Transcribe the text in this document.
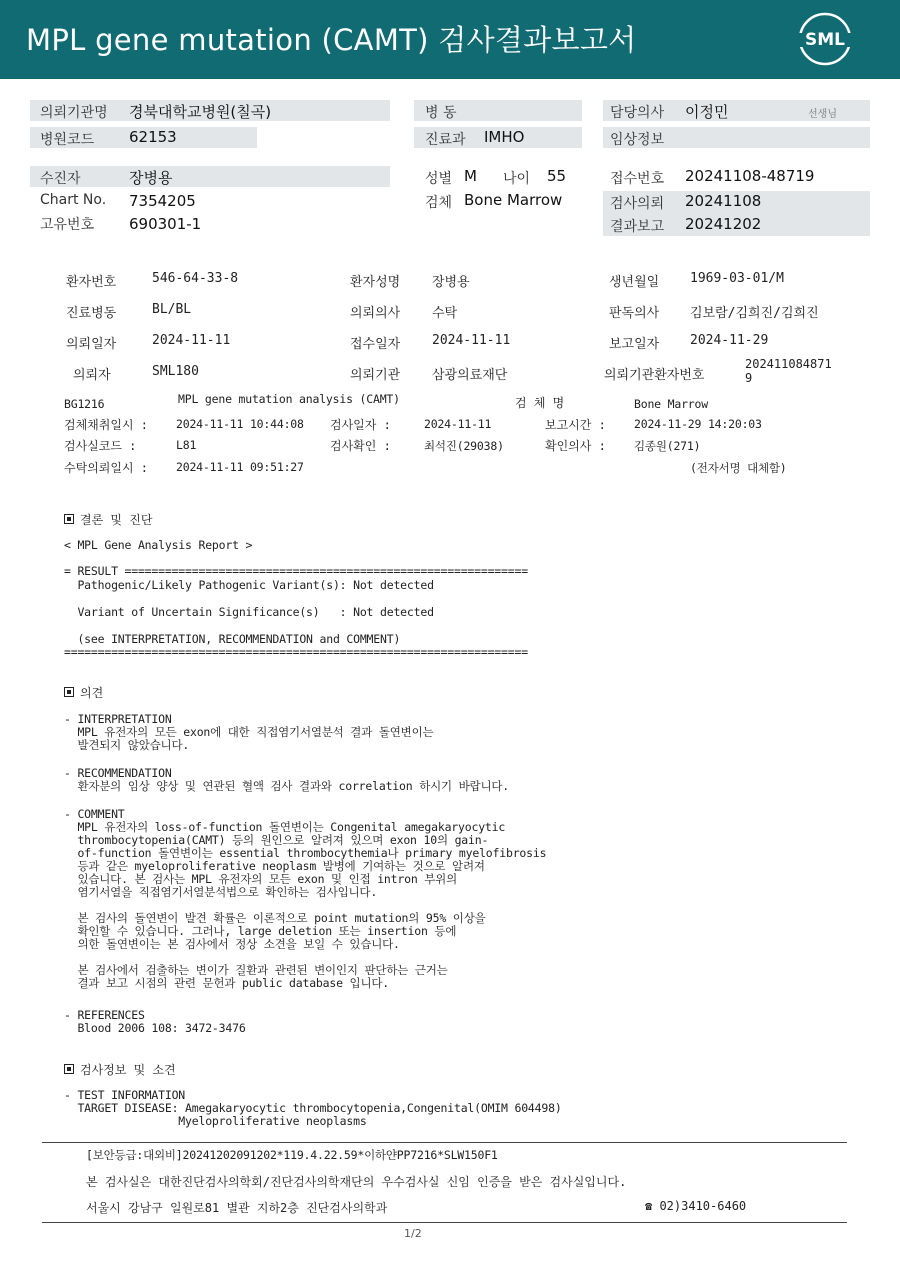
MPL gene mutation (CAMT) 검사결과보고서	SML
의뢰기관명 경북대학교병원(칠곡)
병원코드 62153
병 동
진료과 IMHO
담당의사 이정민	선생님
임상정보
수진자	장병용
Chart No. 7354205
고유번호 690301-1
성별 M 나이 55
검체 Bone Marrow
접수번호 20241108-48719
검사의뢰 20241108
결과보고 20241202
환자번호	546-64-33-8	환자성명 장병용	생년월일 1969-03-01/M
진료병동	BL/BL	의뢰의사 수탁	판독의사 김보람/김희진/김희진
의뢰일자	2024-11-11	접수일자 2024-11-11	보고일자 2024-11-29
의뢰자	SML180	의뢰기관 삼광의료재단	의뢰기관환자번호
202411084871
9
BG1216	MPL gene mutation analysis (CAMT)	검 체 명	Bone Marrow
검체채취일시 : 2024-11-11 10:44:08 검사일자 :	2024-11-11	보고시간 : 2024-11-29 14:20:03
검사실코드 :	L81	검사확인 :	최석진(29038)	확인의사 : 김종원(271)
수탁의뢰일시 : 2024-11-11 09:51:27	(전자서명 대체함)
결론 및 진단
< MPL Gene Analysis Report >
= RESULT ============================================================
Pathogenic/Likely Pathogenic Variant(s): Not detected

Variant of Uncertain Significance(s)   : Not detected

(see INTERPRETATION, RECOMMENDATION and COMMENT)
=====================================================================
의견
- INTERPRETATION
MPL 유전자의 모든 exon에 대한 직접염기서열분석 결과 돌연변이는
발견되지 않았습니다.
- RECOMMENDATION
환자분의 임상 양상 및 연관된 혈액 검사 결과와 correlation 하시기 바랍니다.
- COMMENT
MPL 유전자의 loss-of-function 돌연변이는 Congenital amegakaryocytic
thrombocytopenia(CAMT) 등의 원인으로 알려져 있으며 exon 10의 gain-
of-function 돌연변이는 essential thrombocythemia나 primary myelofibrosis
등과 같은 myeloproliferative neoplasm 발병에 기여하는 것으로 알려져
있습니다. 본 검사는 MPL 유전자의 모든 exon 및 인접 intron 부위의
염기서열을 직접염기서열분석법으로 확인하는 검사입니다.

본 검사의 돌연변이 발견 확률은 이론적으로 point mutation의 95% 이상을
확인할 수 있습니다. 그러나, large deletion 또는 insertion 등에
의한 돌연변이는 본 검사에서 정상 소견을 보일 수 있습니다.

본 검사에서 검출하는 변이가 질환과 관련된 변이인지 판단하는 근거는
결과 보고 시점의 관련 문헌과 public database 입니다.
- REFERENCES
Blood 2006 108: 3472-3476
검사정보 및 소견
- TEST INFORMATION
TARGET DISEASE: Amegakaryocytic thrombocytopenia,Congenital(OMIM 604498)
Myeloproliferative neoplasms
[보안등급:대외비]20241202091202*119.4.22.59*이하얀PP7216*SLW150F1
본 검사실은 대한진단검사의학회/진단검사의학재단의 우수검사실 신임 인증을 받은 검사실입니다.
서울시 강남구 일원로81 별관 지하2층 진단검사의학과	☎ 02)3410-6460
1/2
